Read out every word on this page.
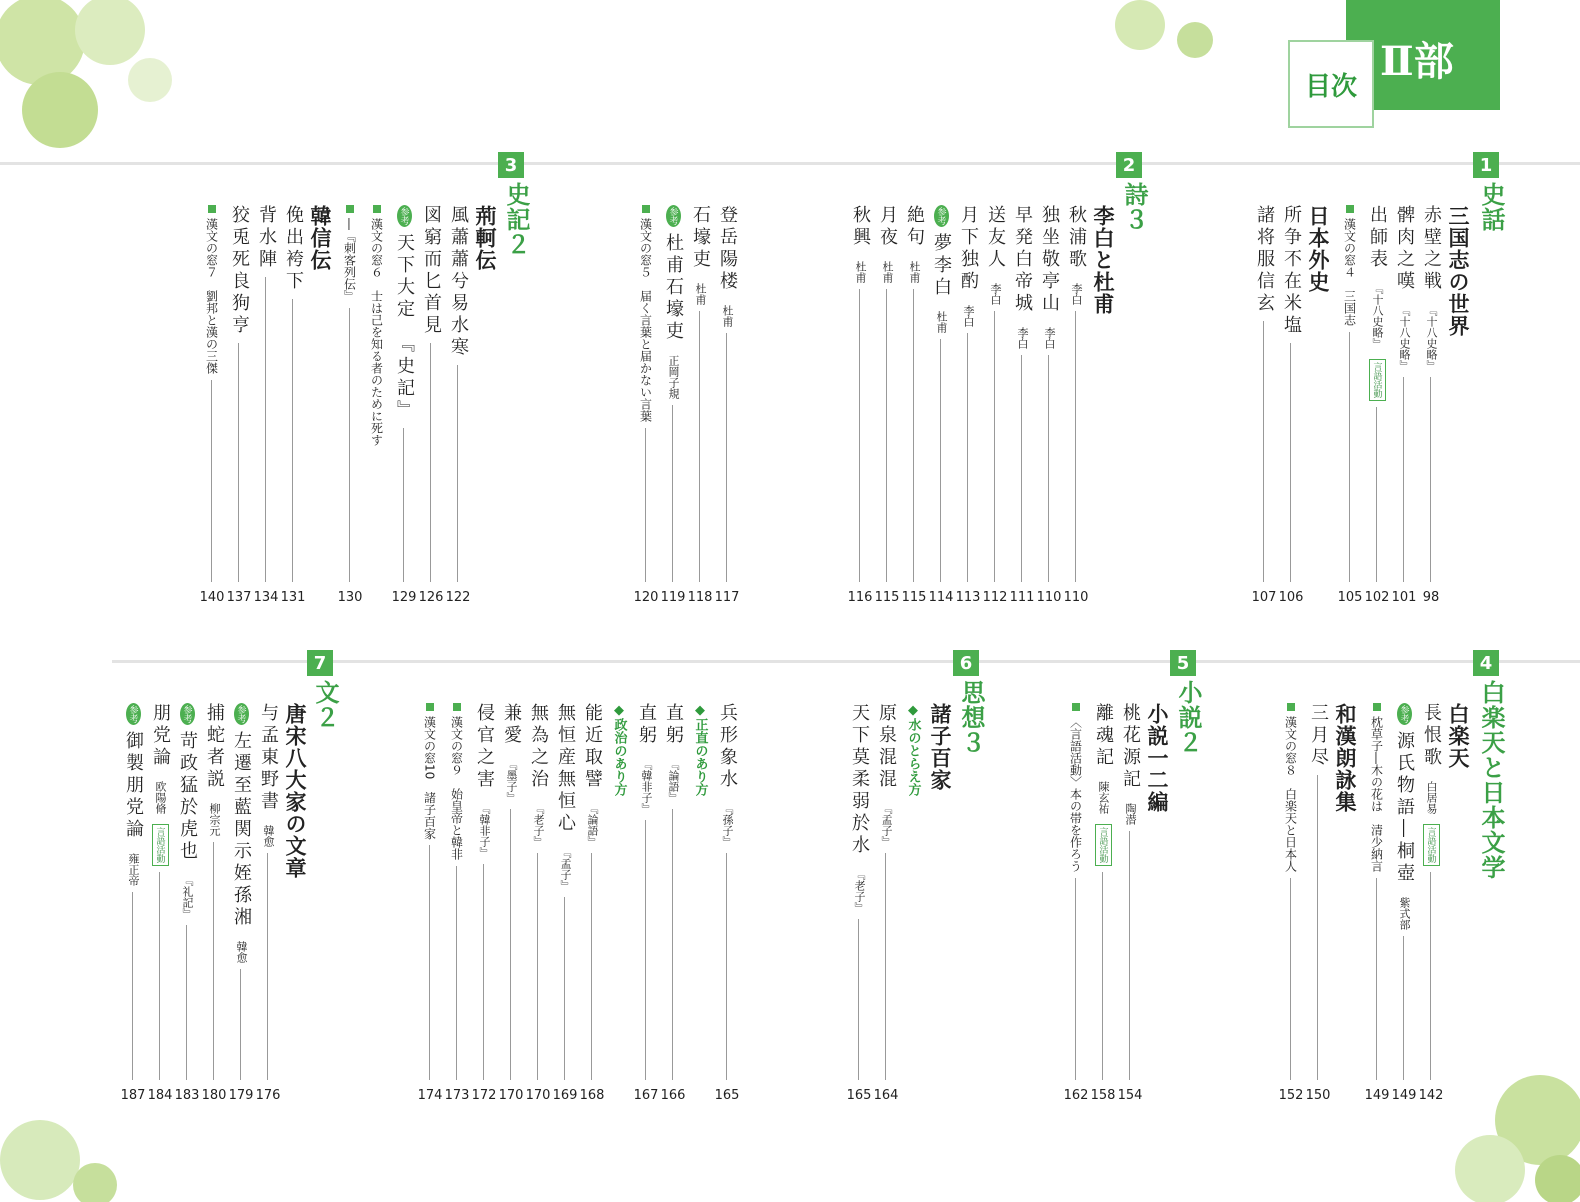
Ⅱ部
目次
1
史話
2
詩３
3
史記２
4
白楽天と日本文学
5
小説２
6
思想３
7
文２
三国志の世界
赤壁之戦
『十八史略』
98
髀肉之嘆
『十八史略』
101
出師表
『十八史略』
言語活動
102
漢文の窓４　三国志
105
日本外史
所争不在米塩
106
諸将服信玄
107
李白と杜甫
秋浦歌
李白
110
独坐敬亭山
李白
110
早発白帝城
李白
111
送友人
李白
112
月下独酌
李白
113
参考
夢李白
杜甫
114
絶句
杜甫
115
月夜
杜甫
115
秋興
杜甫
116
登岳陽楼
杜甫
117
石壕吏
杜甫
118
参考
杜甫石壕吏
正岡子規
119
漢文の窓５　届く言葉と届かない言葉
120
荊軻伝
風蕭蕭兮易水寒
122
図窮而匕首見
126
参考
天下大定　『史記』
129
漢文の窓６　士は己を知る者のために死す
―『刺客列伝』
130
韓信伝
俛出袴下
131
背水陣
134
狡兎死良狗亨
137
漢文の窓７　劉邦と漢の三傑
140
白楽天
長恨歌
白居易
言語活動
142
参考
源氏物語―桐壺
紫式部
149
枕草子―木の花は　清少納言
149
和漢朗詠集
三月尽
150
漢文の窓８　白楽天と日本人
152
小説一二編
桃花源記
陶潜
154
離魂記
陳玄祐
言語活動
158
〈言語活動〉本の帯を作ろう
162
諸子百家
◆水のとらえ方
原泉混混
『孟子』
164
天下莫柔弱於水
『老子』
165
兵形象水
『孫子』
165
◆正直のあり方
直躬
『論語』
166
直躬
『韓非子』
167
◆政治のあり方
能近取譬
『論語』
168
無恒産無恒心
『孟子』
169
無為之治
『老子』
170
兼愛
『墨子』
170
侵官之害
『韓非子』
172
漢文の窓９　始皇帝と韓非
173
漢文の窓10　諸子百家
174
唐宋八大家の文章
与孟東野書
韓愈
176
参考
左遷至藍関示姪孫湘
韓愈
179
捕蛇者説
柳宗元
180
参考
苛政猛於虎也
『礼記』
183
朋党論
欧陽脩
言語活動
184
参考
御製朋党論
雍正帝
187
